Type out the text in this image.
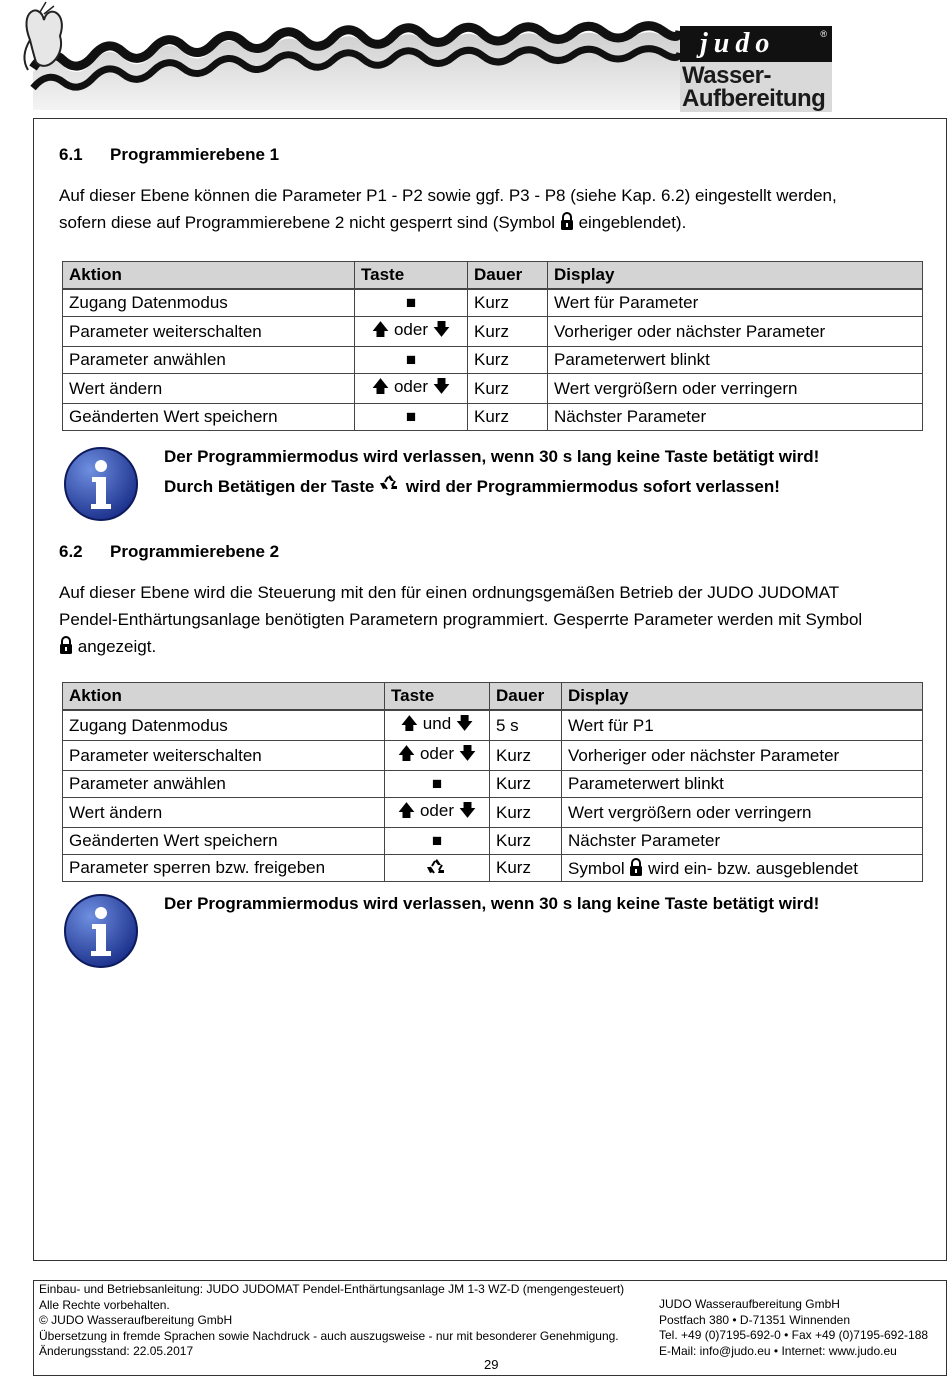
judo	®
Wasser-
Aufbereitung
6.1 Programmierebene 1
Auf dieser Ebene können die Parameter P1 - P2 sowie ggf. P3 - P8 (siehe Kap. 6.2) eingestellt werden,
sofern diese auf Programmierebene 2 nicht gesperrt sind (Symbol eingeblendet).
Aktion	Taste	Dauer	Display
Zugang Datenmodus	■	Kurz	Wert für Parameter
Parameter weiterschalten	🡅 oder 🡇	Kurz	Vorheriger oder nächster Parameter
Parameter anwählen	■	Kurz	Parameterwert blinkt
Wert ändern	🡅 oder 🡇	Kurz	Wert vergrößern oder verringern
Geänderten Wert speichern	■	Kurz	Nächster Parameter
Der Programmiermodus wird verlassen, wenn 30 s lang keine Taste betätigt wird!
Durch Betätigen der Taste wird der Programmiermodus sofort verlassen!
6.2 Programmierebene 2
Auf dieser Ebene wird die Steuerung mit den für einen ordnungsgemäßen Betrieb der JUDO JUDOMAT
Pendel-Enthärtungsanlage benötigten Parametern programmiert. Gesperrte Parameter werden mit Symbol
angezeigt.
Aktion	Taste	Dauer	Display
Zugang Datenmodus	🡅 und 🡇	5 s	Wert für P1
Parameter weiterschalten	🡅 oder 🡇	Kurz	Vorheriger oder nächster Parameter
Parameter anwählen	■	Kurz	Parameterwert blinkt
Wert ändern	🡅 oder 🡇	Kurz	Wert vergrößern oder verringern
Geänderten Wert speichern	■	Kurz	Nächster Parameter
Parameter sperren bzw. freigeben		Kurz	Symbol wird ein- bzw. ausgeblendet
Der Programmiermodus wird verlassen, wenn 30 s lang keine Taste betätigt wird!
Einbau- und Betriebsanleitung: JUDO JUDOMAT Pendel-Enthärtungsanlage JM 1-3 WZ-D (mengengesteuert)
Alle Rechte vorbehalten.
© JUDO Wasseraufbereitung GmbH
Übersetzung in fremde Sprachen sowie Nachdruck - auch auszugsweise - nur mit besonderer Genehmigung.
Änderungsstand: 22.05.2017
JUDO Wasseraufbereitung GmbH
Postfach 380 • D-71351 Winnenden
Tel. +49 (0)7195-692-0 • Fax +49 (0)7195-692-188
E-Mail: info@judo.eu • Internet: www.judo.eu
29
